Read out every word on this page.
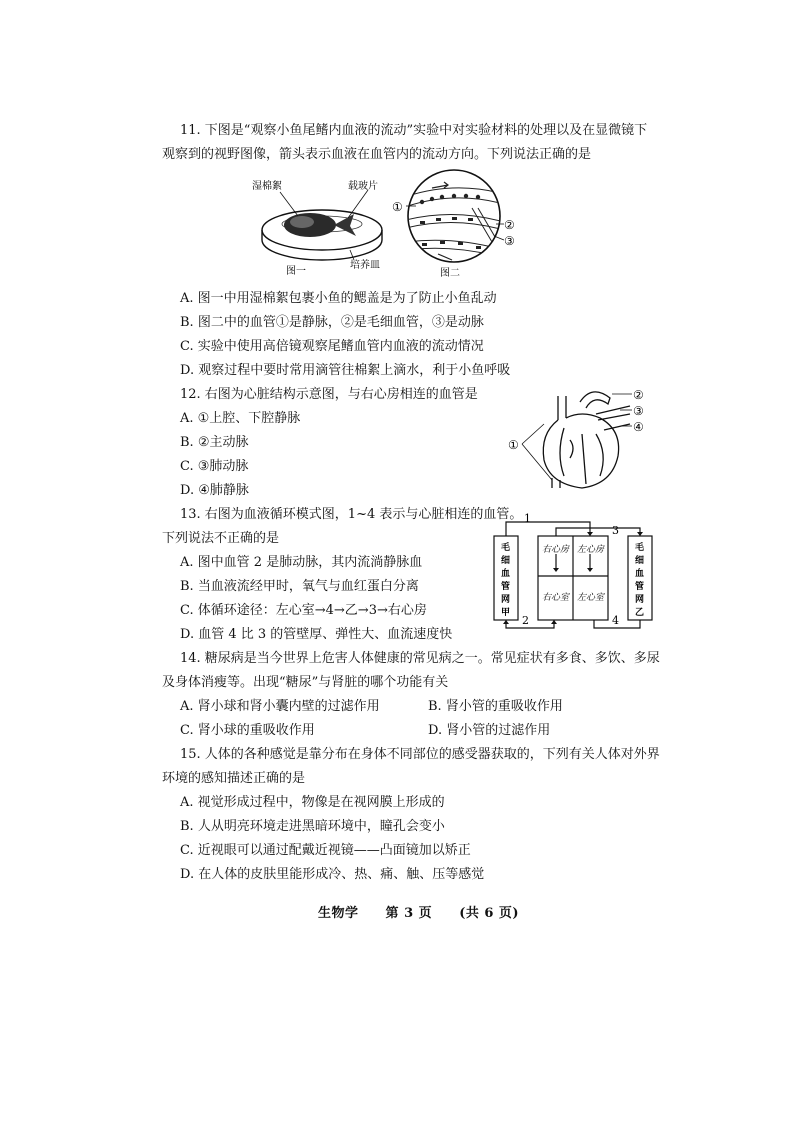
11. 下图是“观察小鱼尾鳍内血液的流动”实验中对实验材料的处理以及在显微镜下
观察到的视野图像，箭头表示血液在血管内的流动方向。下列说法正确的是
湿棉絮	载玻片
图一
培养皿
①
②
③
图二
A. 图一中用湿棉絮包裹小鱼的鳃盖是为了防止小鱼乱动
B. 图二中的血管①是静脉，②是毛细血管，③是动脉
C. 实验中使用高倍镜观察尾鳍血管内血液的流动情况
D. 观察过程中要时常用滴管往棉絮上滴水，利于小鱼呼吸
12. 右图为心脏结构示意图，与右心房相连的血管是
A. ①上腔、下腔静脉
B. ②主动脉
C. ③肺动脉
D. ④肺静脉
①
②
③
④
13. 右图为血液循环模式图，1~4 表示与心脏相连的血管。
下列说法不正确的是
A. 图中血管 2 是肺动脉，其内流淌静脉血
B. 当血液流经甲时，氧气与血红蛋白分离
C. 体循环途径：左心室→4→乙→3→右心房
D. 血管 4 比 3 的管壁厚、弹性大、血流速度快
1
3
2	4
毛
细
血
管
网
甲
毛
细
血
管
网
乙
右心房 左心房
右心室 左心室
14. 糖尿病是当今世界上危害人体健康的常见病之一。常见症状有多食、多饮、多尿
及身体消瘦等。出现“糖尿”与肾脏的哪个功能有关
A. 肾小球和肾小囊内壁的过滤作用	B. 肾小管的重吸收作用
C. 肾小球的重吸收作用	D. 肾小管的过滤作用
15. 人体的各种感觉是靠分布在身体不同部位的感受器获取的，下列有关人体对外界
环境的感知描述正确的是
A. 视觉形成过程中，物像是在视网膜上形成的
B. 人从明亮环境走进黑暗环境中，瞳孔会变小
C. 近视眼可以通过配戴近视镜——凸面镜加以矫正
D. 在人体的皮肤里能形成冷、热、痛、触、压等感觉
生物学 第 3 页 (共 6 页)
